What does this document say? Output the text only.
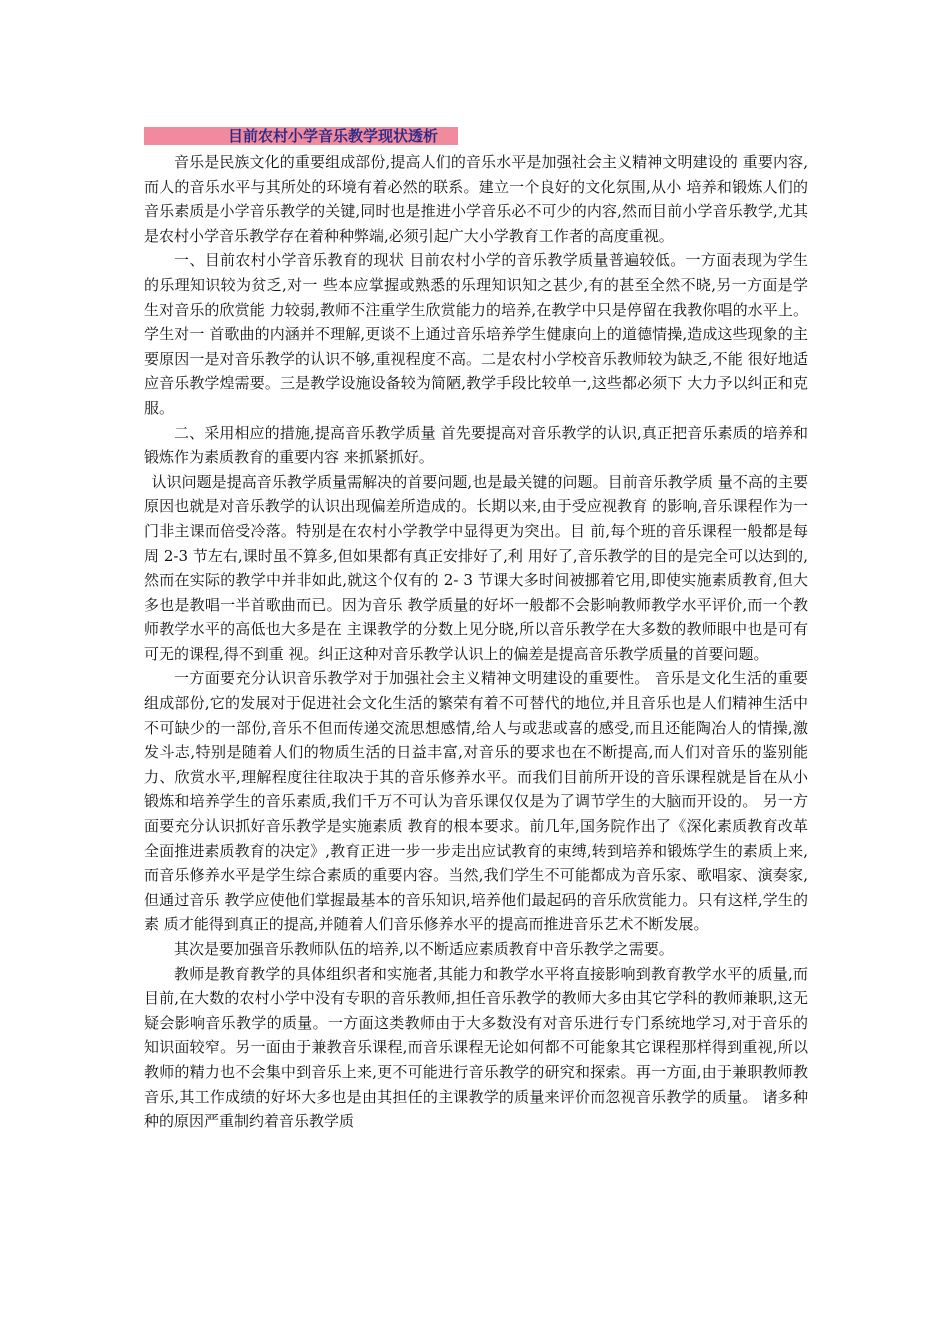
目前农村小学音乐教学现状透析

音乐是民族文化的重要组成部份,提高人们的音乐水平是加强社会主义精神文明建设的 重要内容,而人的音乐水平与其所处的环境有着必然的联系。建立一个良好的文化氛围,从小 培养和锻炼人们的音乐素质是小学音乐教学的关键,同时也是推进小学音乐必不可少的内容,然而目前小学音乐教学,尤其是农村小学音乐教学存在着种种弊端,必须引起广大小学教育工作者的高度重视。

一、目前农村小学音乐教育的现状 目前农村小学的音乐教学质量普遍较低。一方面表现为学生的乐理知识较为贫乏,对一 些本应掌握或熟悉的乐理知识知之甚少,有的甚至全然不晓,另一方面是学生对音乐的欣赏能 力较弱,教师不注重学生欣赏能力的培养,在教学中只是停留在我教你唱的水平上。学生对一 首歌曲的内涵并不理解,更谈不上通过音乐培养学生健康向上的道德情操,造成这些现象的主 要原因一是对音乐教学的认识不够,重视程度不高。二是农村小学校音乐教师较为缺乏,不能 很好地适应音乐教学煌需要。三是教学设施设备较为简陋,教学手段比较单一,这些都必须下 大力予以纠正和克服。

二、采用相应的措施,提高音乐教学质量 首先要提高对音乐教学的认识,真正把音乐素质的培养和锻炼作为素质教育的重要内容 来抓紧抓好。

认识问题是提高音乐教学质量需解决的首要问题,也是最关键的问题。目前音乐教学质 量不高的主要原因也就是对音乐教学的认识出现偏差所造成的。长期以来,由于受应视教育 的影响,音乐课程作为一门非主课而倍受冷落。特别是在农村小学教学中显得更为突出。目 前,每个班的音乐课程一般都是每周 2-3 节左右,课时虽不算多,但如果都有真正安排好了,利 用好了,音乐教学的目的是完全可以达到的,然而在实际的教学中并非如此,就这个仅有的 2- 3 节课大多时间被挪着它用,即使实施素质教育,但大多也是教唱一半首歌曲而已。因为音乐 教学质量的好坏一般都不会影响教师教学水平评价,而一个教师教学水平的高低也大多是在 主课教学的分数上见分晓,所以音乐教学在大多数的教师眼中也是可有可无的课程,得不到重 视。纠正这种对音乐教学认识上的偏差是提高音乐教学质量的首要问题。

一方面要充分认识音乐教学对于加强社会主义精神文明建设的重要性。 音乐是文化生活的重要组成部份,它的发展对于促进社会文化生活的繁荣有着不可替代的地位,并且音乐也是人们精神生活中不可缺少的一部份,音乐不但而传递交流思想感情,给人与或悲或喜的感受,而且还能陶冶人的情操,激发斗志,特别是随着人们的物质生活的日益丰富,对音乐的要求也在不断提高,而人们对音乐的鉴别能力、欣赏水平,理解程度往往取决于其的音乐修养水平。而我们目前所开设的音乐课程就是旨在从小锻炼和培养学生的音乐素质,我们千万不可认为音乐课仅仅是为了调节学生的大脑而开设的。 另一方面要充分认识抓好音乐教学是实施素质 教育的根本要求。前几年,国务院作出了《深化素质教育改革全面推进素质教育的决定》,教育正进一步一步走出应试教育的束缚,转到培养和锻炼学生的素质上来,而音乐修养水平是学生综合素质的重要内容。当然,我们学生不可能都成为音乐家、歌唱家、演奏家,但通过音乐 教学应使他们掌握最基本的音乐知识,培养他们最起码的音乐欣赏能力。只有这样,学生的素 质才能得到真正的提高,并随着人们音乐修养水平的提高而推进音乐艺术不断发展。

其次是要加强音乐教师队伍的培养,以不断适应素质教育中音乐教学之需要。

教师是教育教学的具体组织者和实施者,其能力和教学水平将直接影响到教育教学水平的质量,而目前,在大数的农村小学中没有专职的音乐教师,担任音乐教学的教师大多由其它学科的教师兼职,这无疑会影响音乐教学的质量。一方面这类教师由于大多数没有对音乐进行专门系统地学习,对于音乐的知识面较窄。另一面由于兼教音乐课程,而音乐课程无论如何都不可能象其它课程那样得到重视,所以教师的精力也不会集中到音乐上来,更不可能进行音乐教学的研究和探索。再一方面,由于兼职教师教音乐,其工作成绩的好坏大多也是由其担任的主课教学的质量来评价而忽视音乐教学的质量。 诸多种种的原因严重制约着音乐教学质
